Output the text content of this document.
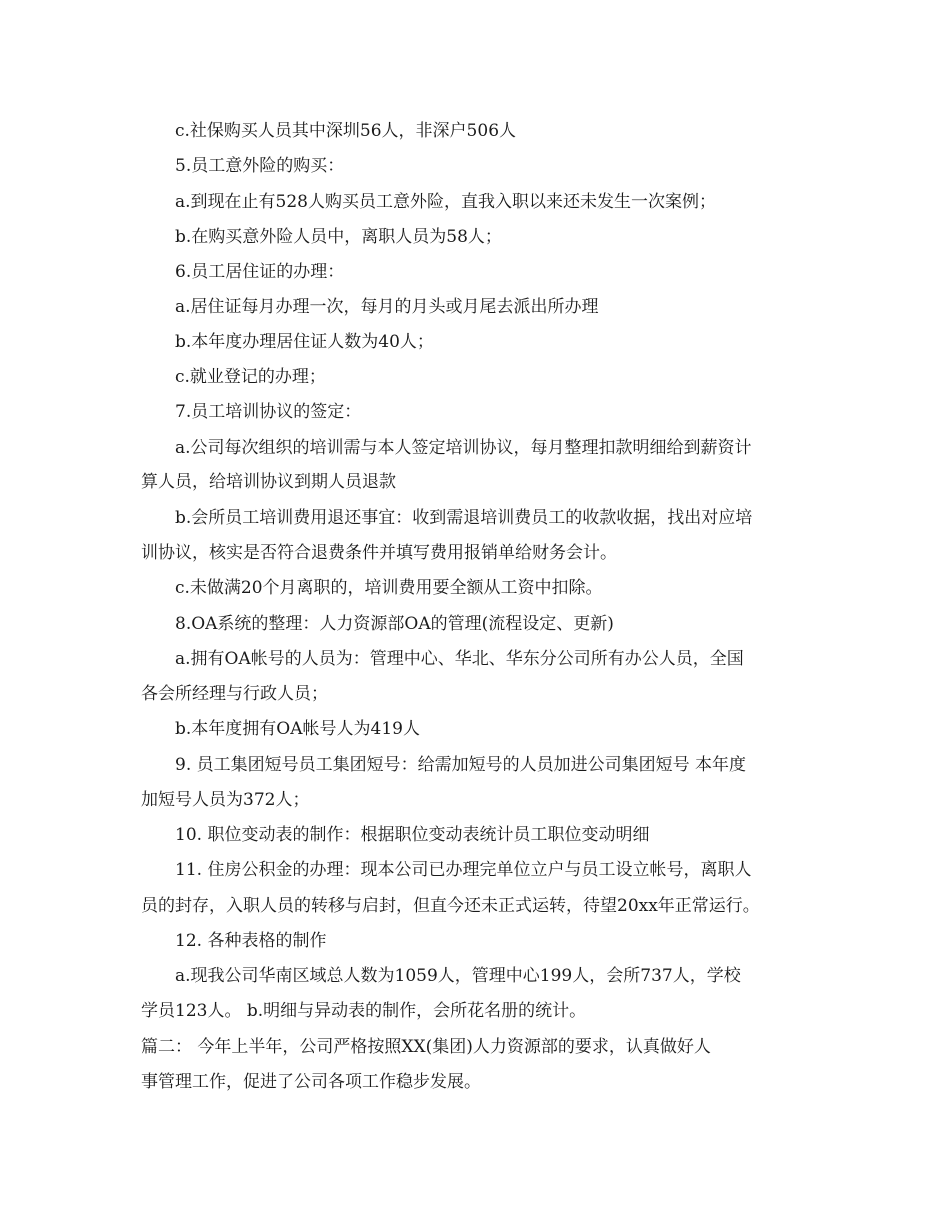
c.社保购买人员其中深圳56人，非深户506人
5.员工意外险的购买：
a.到现在止有528人购买员工意外险，直我入职以来还未发生一次案例；
b.在购买意外险人员中，离职人员为58人；
6.员工居住证的办理：
a.居住证每月办理一次，每月的月头或月尾去派出所办理
b.本年度办理居住证人数为40人；
c.就业登记的办理；
7.员工培训协议的签定：
a.公司每次组织的培训需与本人签定培训协议，每月整理扣款明细给到薪资计
算人员，给培训协议到期人员退款
b.会所员工培训费用退还事宜：收到需退培训费员工的收款收据，找出对应培
训协议，核实是否符合退费条件并填写费用报销单给财务会计。
c.未做满20个月离职的，培训费用要全额从工资中扣除。
8.OA系统的整理：人力资源部OA的管理(流程设定、更新)
a.拥有OA帐号的人员为：管理中心、华北、华东分公司所有办公人员，全国
各会所经理与行政人员；
b.本年度拥有OA帐号人为419人
9. 员工集团短号员工集团短号：给需加短号的人员加进公司集团短号 本年度
加短号人员为372人；
10. 职位变动表的制作：根据职位变动表统计员工职位变动明细
11. 住房公积金的办理：现本公司已办理完单位立户与员工设立帐号，离职人
员的封存，入职人员的转移与启封，但直今还未正式运转，待望20xx年正常运行。
12. 各种表格的制作
a.现我公司华南区域总人数为1059人，管理中心199人，会所737人，学校
学员123人。 b.明细与异动表的制作，会所花名册的统计。
篇二： 今年上半年，公司严格按照XX(集团)人力资源部的要求，认真做好人
事管理工作，促进了公司各项工作稳步发展。
